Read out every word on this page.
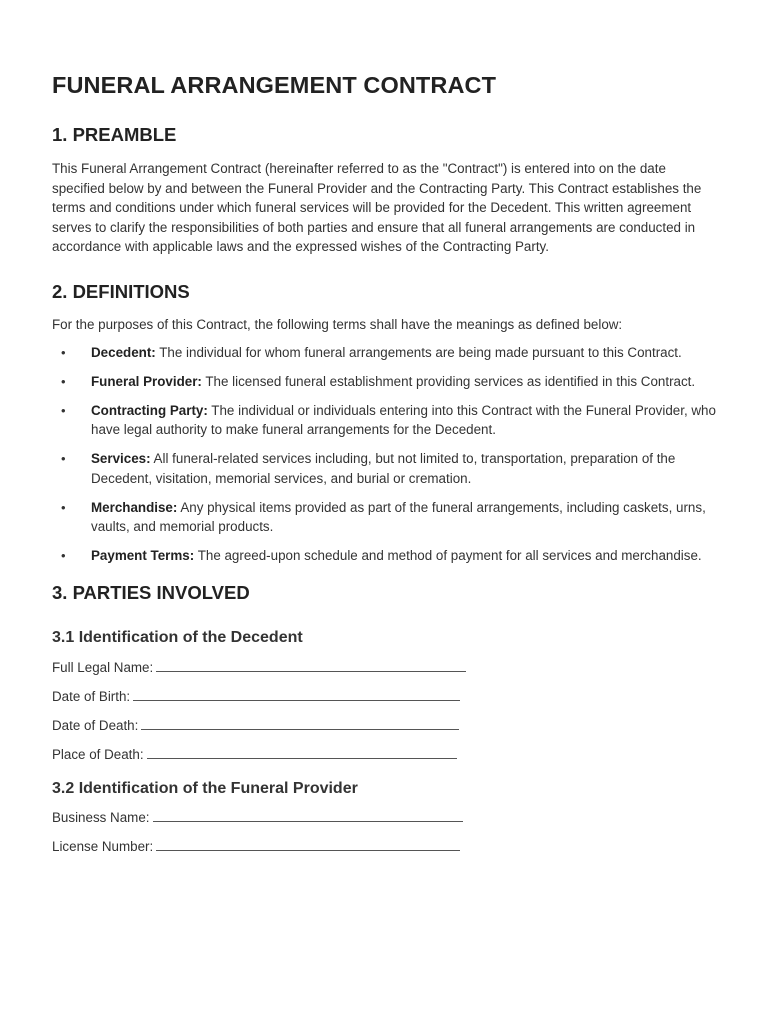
FUNERAL ARRANGEMENT CONTRACT
1. PREAMBLE

This Funeral Arrangement Contract (hereinafter referred to as the "Contract") is entered into on the date specified below by and between the Funeral Provider and the Contracting Party. This Contract establishes the terms and conditions under which funeral services will be provided for the Decedent. This written agreement serves to clarify the responsibilities of both parties and ensure that all funeral arrangements are conducted in accordance with applicable laws and the expressed wishes of the Contracting Party.

2. DEFINITIONS

For the purposes of this Contract, the following terms shall have the meanings as defined below:

• Decedent: The individual for whom funeral arrangements are being made pursuant to this Contract.
• Funeral Provider: The licensed funeral establishment providing services as identified in this Contract.
• Contracting Party: The individual or individuals entering into this Contract with the Funeral Provider, who have legal authority to make funeral arrangements for the Decedent.
• Services: All funeral-related services including, but not limited to, transportation, preparation of the Decedent, visitation, memorial services, and burial or cremation.
• Merchandise: Any physical items provided as part of the funeral arrangements, including caskets, urns, vaults, and memorial products.
• Payment Terms: The agreed-upon schedule and method of payment for all services and merchandise.
3. PARTIES INVOLVED
3.1 Identification of the Decedent
Full Legal Name:
Date of Birth:
Date of Death:
Place of Death:
3.2 Identification of the Funeral Provider
Business Name:
License Number:
